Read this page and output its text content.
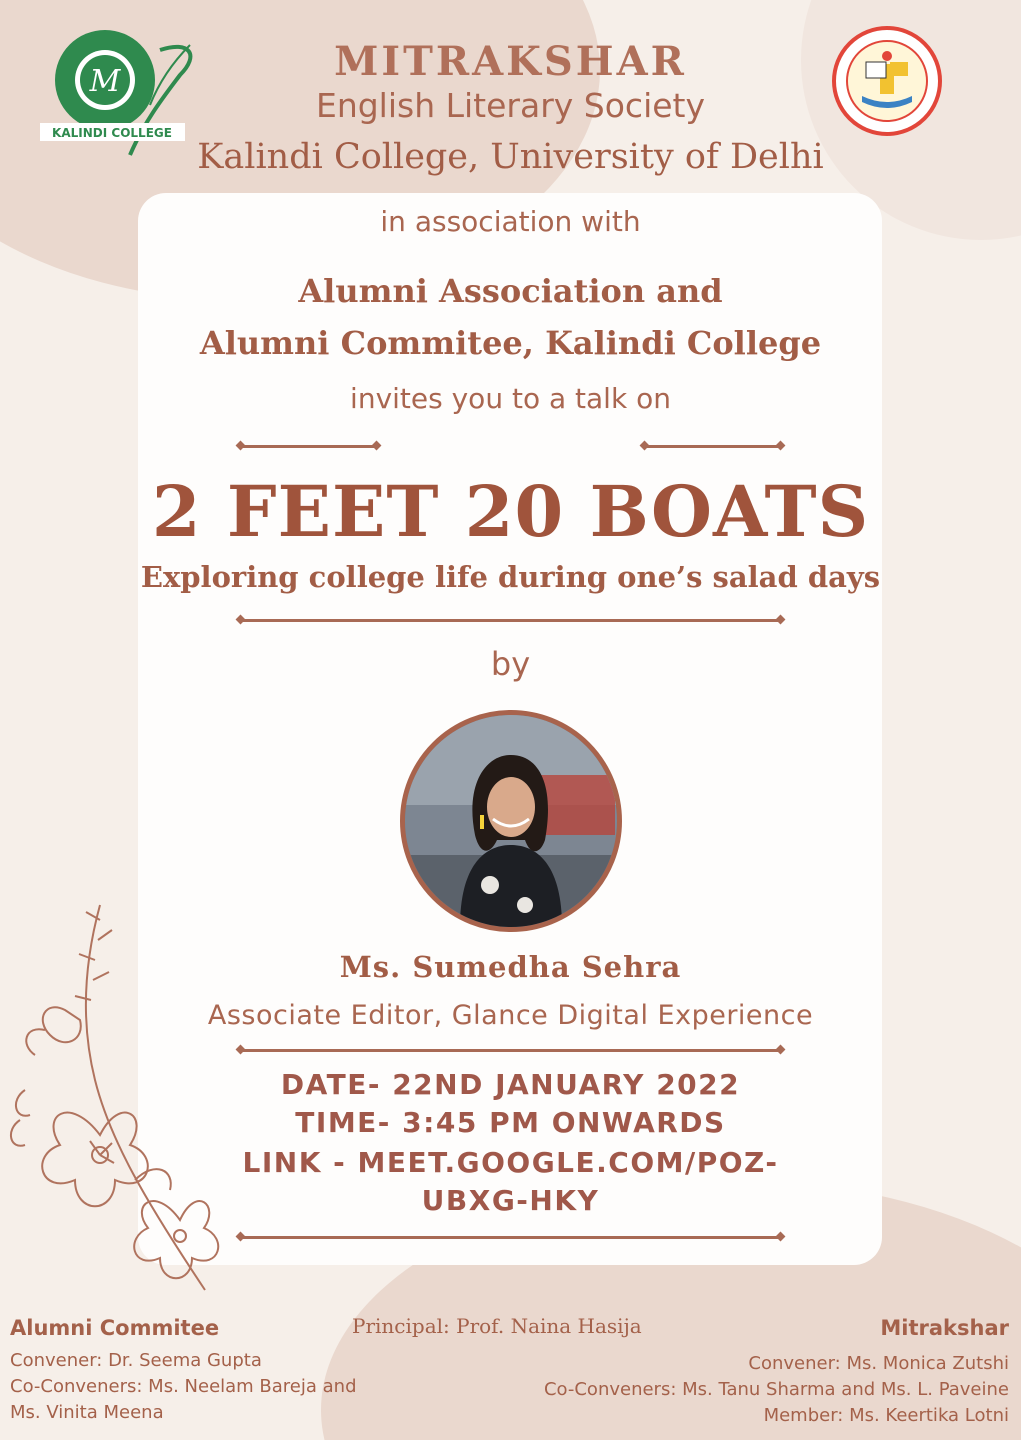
M
KALINDI COLLEGE
MITRAKSHAR
English Literary Society
Kalindi College, University of Delhi
in association with
Alumni Association and
Alumni Commitee, Kalindi College
invites you to a talk on
2 FEET 20 BOATS
Exploring college life during one’s salad days
by
Ms. Sumedha Sehra
Associate Editor, Glance Digital Experience
DATE- 22ND JANUARY 2022
TIME- 3:45 PM ONWARDS
LINK - MEET.GOOGLE.COM/POZ-
UBXG-HKY
Alumni Commitee
Convener: Dr. Seema Gupta
Co-Conveners: Ms. Neelam Bareja and
Ms. Vinita Meena
Principal: Prof. Naina Hasija	Mitrakshar
Convener: Ms. Monica Zutshi
Co-Conveners: Ms. Tanu Sharma and Ms. L. Paveine
Member: Ms. Keertika Lotni
